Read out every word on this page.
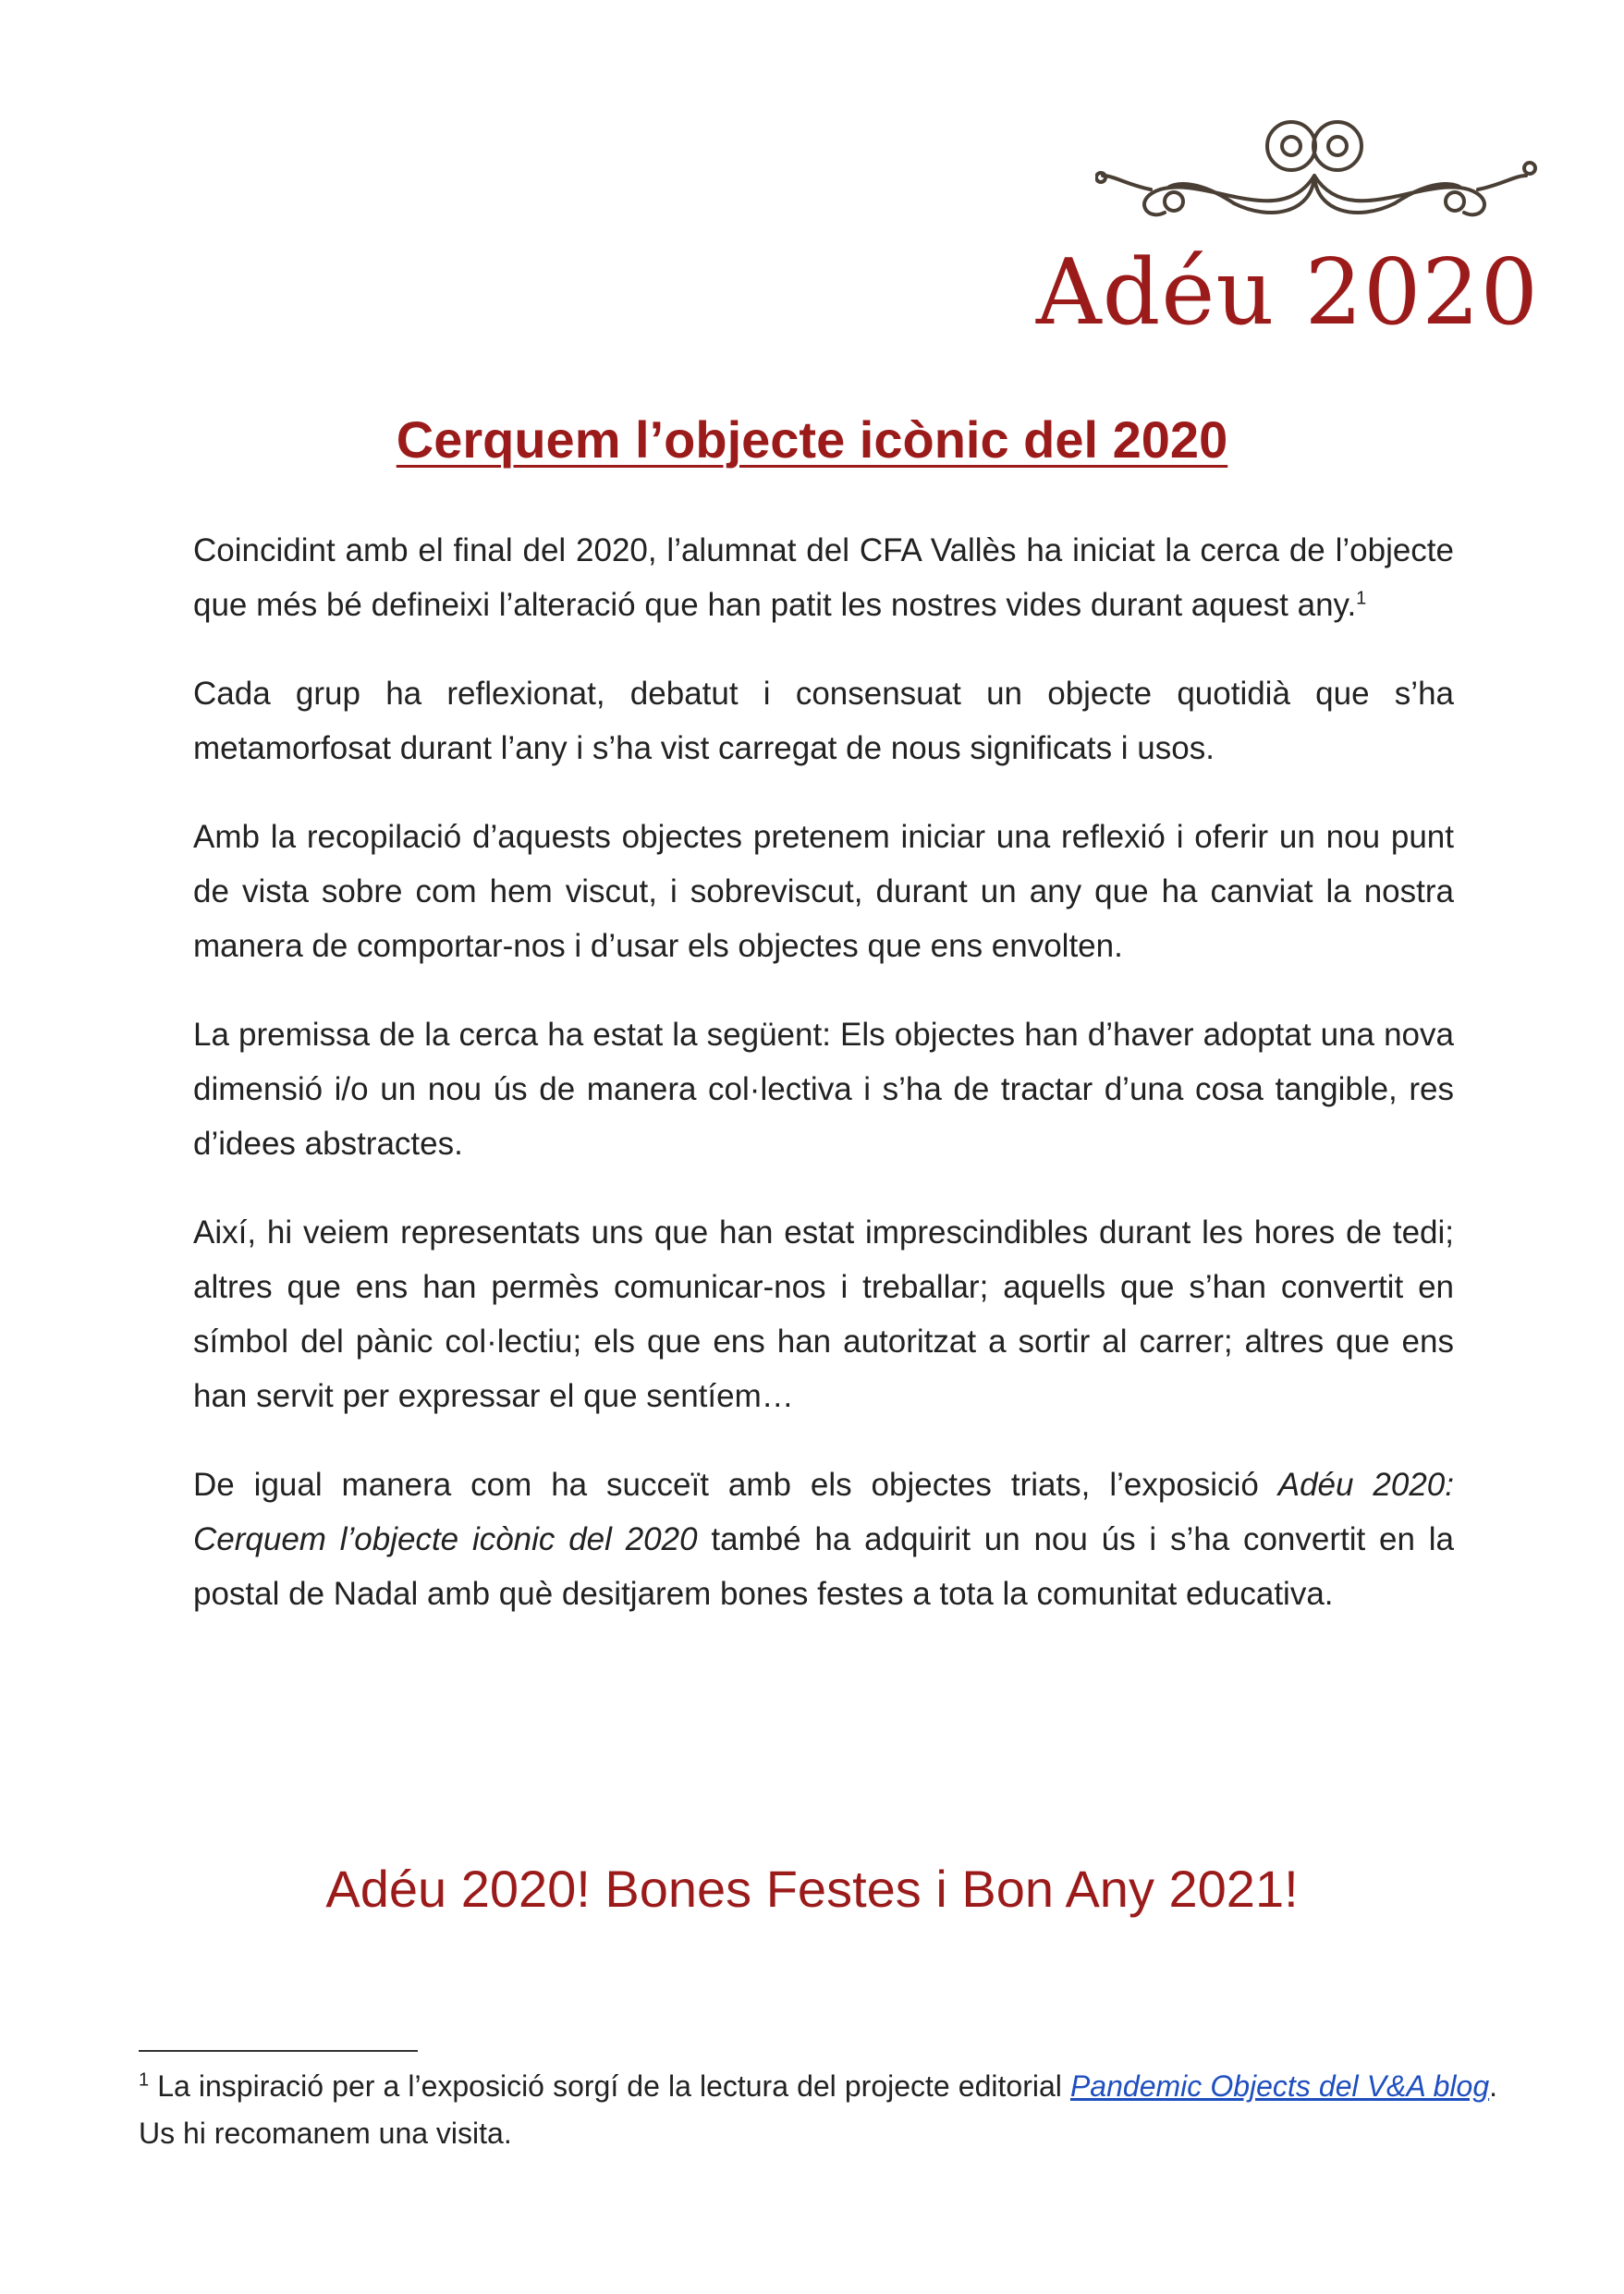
Adéu 2020
Cerquem l’objecte icònic del 2020

Coincidint amb el final del 2020, l’alumnat del CFA Vallès ha iniciat la cerca de l’objecte que més bé defineixi l’alteració que han patit les nostres vides durant aquest any.$^1$

Cada grup ha reflexionat, debatut i consensuat un objecte quotidià que s’ha metamorfosat durant l’any i s’ha vist carregat de nous significats i usos.

Amb la recopilació d’aquests objectes pretenem iniciar una reflexió i oferir un nou punt de vista sobre com hem viscut, i sobreviscut, durant un any que ha canviat la nostra manera de comportar-nos i d’usar els objectes que ens envolten.

La premissa de la cerca ha estat la següent: Els objectes han d’haver adoptat una nova dimensió i/o un nou ús de manera col·lectiva i s’ha de tractar d’una cosa tangible, res d’idees abstractes.

Així, hi veiem representats uns que han estat imprescindibles durant les hores de tedi; altres que ens han permès comunicar-nos i treballar; aquells que s’han convertit en símbol del pànic col·lectiu; els que ens han autoritzat a sortir al carrer; altres que ens han servit per expressar el que sentíem…

De igual manera com ha succeït amb els objectes triats, l’exposició Adéu 2020: Cerquem l’objecte icònic del 2020 també ha adquirit un nou ús i s’ha convertit en la postal de Nadal amb què desitjarem bones festes a tota la comunitat educativa.

Adéu 2020! Bones Festes i Bon Any 2021!

$^1$ La inspiració per a l’exposició sorgí de la lectura del projecte editorial Pandemic Objects del V&A blog. Us hi recomanem una visita.
